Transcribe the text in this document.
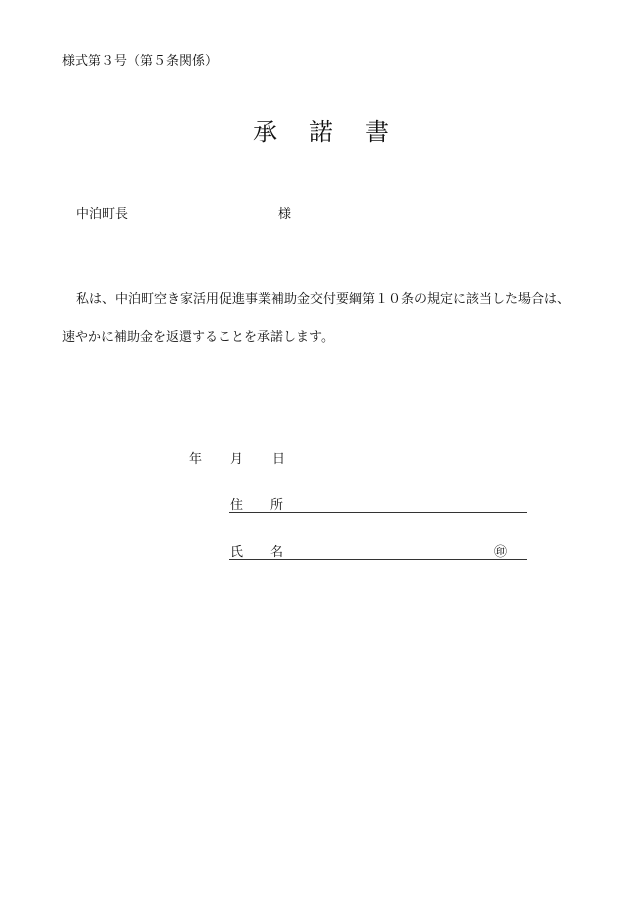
様式第３号（第５条関係）
承　諾　書
中泊町長	様
私は、中泊町空き家活用促進事業補助金交付要綱第１０条の規定に該当した場合は、
速やかに補助金を返還することを承諾します。
年 月 日
住 所
氏 名	㊞
